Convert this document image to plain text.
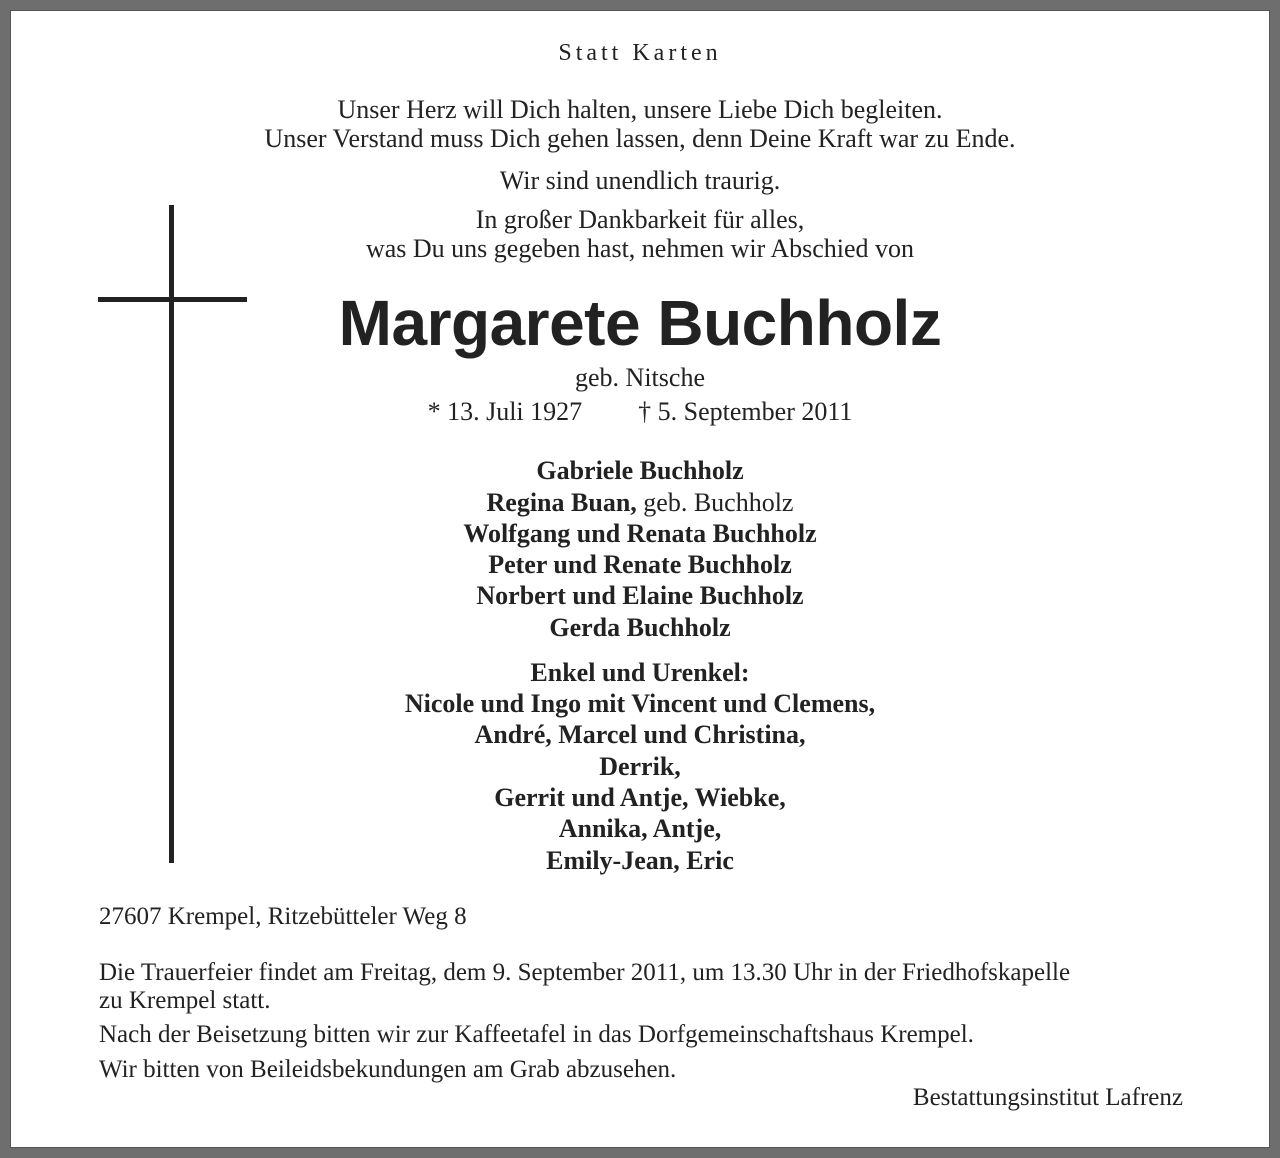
Statt Karten
Unser Herz will Dich halten, unsere Liebe Dich begleiten.
Unser Verstand muss Dich gehen lassen, denn Deine Kraft war zu Ende.
Wir sind unendlich traurig.
In großer Dankbarkeit für alles,
was Du uns gegeben hast, nehmen wir Abschied von
Margarete Buchholz
geb. Nitsche
* 13. Juli 1927 † 5. September 2011
Gabriele Buchholz
Regina Buan, geb. Buchholz
Wolfgang und Renata Buchholz
Peter und Renate Buchholz
Norbert und Elaine Buchholz
Gerda Buchholz
Enkel und Urenkel:
Nicole und Ingo mit Vincent und Clemens,
André, Marcel und Christina,
Derrik,
Gerrit und Antje, Wiebke,
Annika, Antje,
Emily-Jean, Eric
27607 Krempel, Ritzebütteler Weg 8
Die Trauerfeier findet am Freitag, dem 9. September 2011, um 13.30 Uhr in der Friedhofskapelle
zu Krempel statt.
Nach der Beisetzung bitten wir zur Kaffeetafel in das Dorfgemeinschaftshaus Krempel.
Wir bitten von Beileidsbekundungen am Grab abzusehen.
Bestattungsinstitut Lafrenz
